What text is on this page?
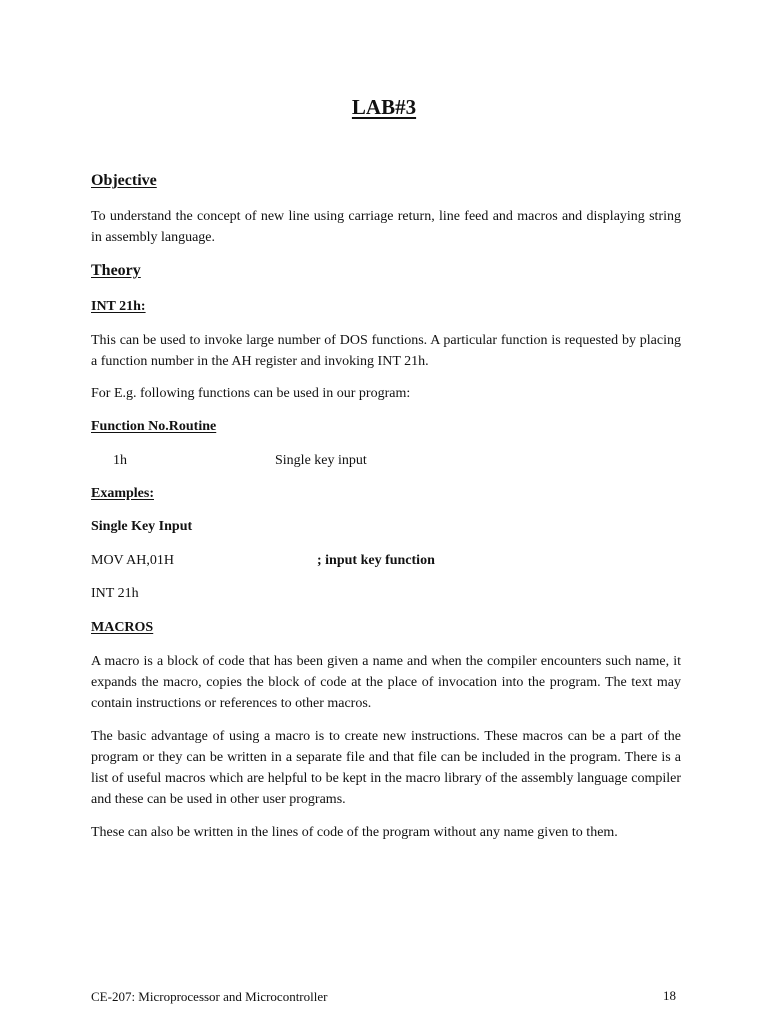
LAB#3
Objective

To understand the concept of new line using carriage return, line feed and macros and displaying string in assembly language.

Theory
INT 21h:

This can be used to invoke large number of DOS functions. A particular function is requested by placing a function number in the AH register and invoking INT 21h.

For E.g. following functions can be used in our program:
Function No.Routine
1h	Single key input
Examples:
Single Key Input
MOV AH,01H	; input key function
INT 21h
MACROS

A macro is a block of code that has been given a name and when the compiler encounters such name, it expands the macro, copies the block of code at the place of invocation into the program. The text may contain instructions or references to other macros.

The basic advantage of using a macro is to create new instructions. These macros can be a part of the program or they can be written in a separate file and that file can be included in the program. There is a list of useful macros which are helpful to be kept in the macro library of the assembly language compiler and these can be used in other user programs.

These can also be written in the lines of code of the program without any name given to them.

CE-207: Microprocessor and Microcontroller	18
